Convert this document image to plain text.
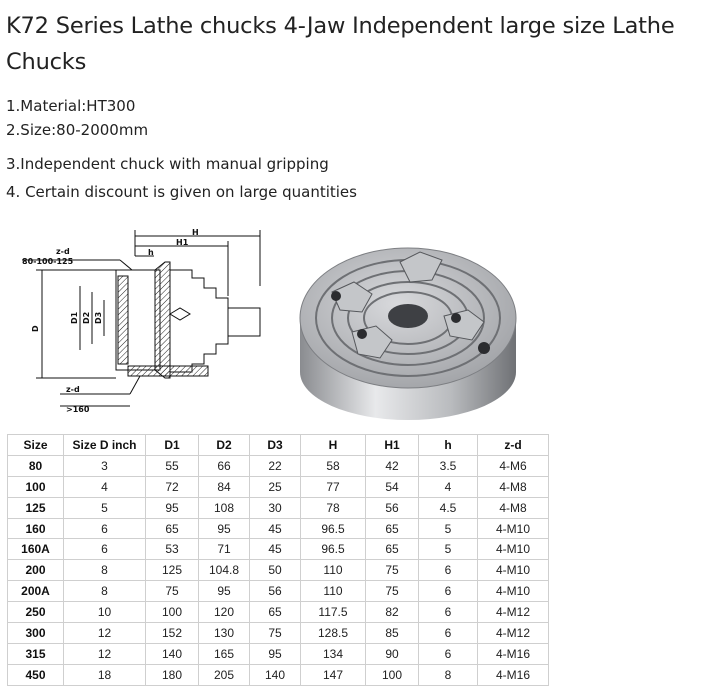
K72 Series Lathe chucks 4-Jaw Independent large size Lathe Chucks
1.Material:HT300
2.Size:80-2000mm
3.Independent chuck with manual gripping
4. Certain discount is given on large quantities
z-d
80-100-125
H
H1
h
D
D1 D2 D3
z-d
>160
Size	Size D inch	D1	D2	D3	H	H1	h	z-d
80	3	55	66	22	58	42	3.5	4-M6
100	4	72	84	25	77	54	4	4-M8
125	5	95	108	30	78	56	4.5	4-M8
160	6	65	95	45	96.5	65	5	4-M10
160A	6	53	71	45	96.5	65	5	4-M10
200	8	125	104.8	50	110	75	6	4-M10
200A	8	75	95	56	110	75	6	4-M10
250	10	100	120	65	117.5	82	6	4-M12
300	12	152	130	75	128.5	85	6	4-M12
315	12	140	165	95	134	90	6	4-M16
450	18	180	205	140	147	100	8	4-M16
